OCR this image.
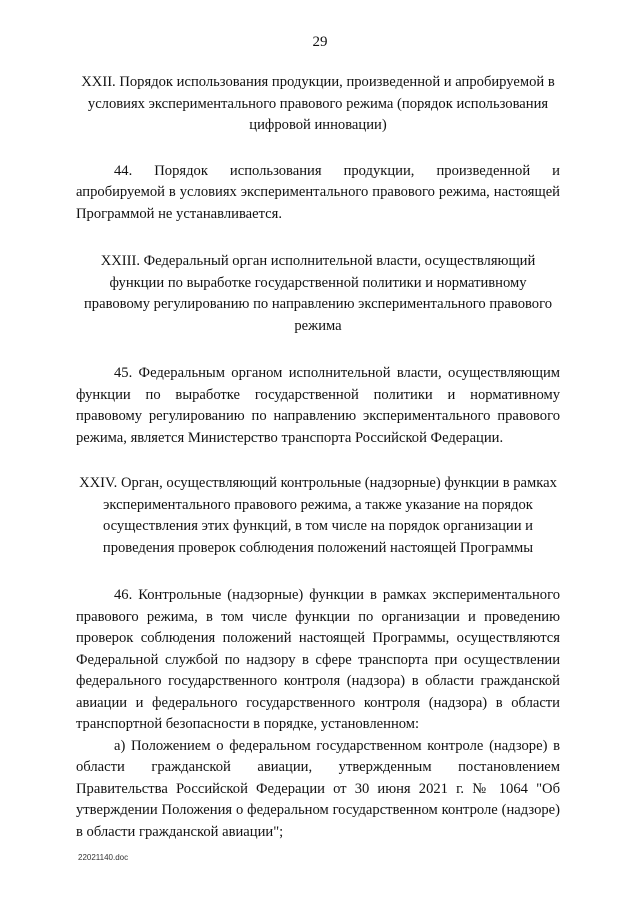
29

XXII. Порядок использования продукции, произведенной и апробируемой в условиях экспериментального правового режима (порядок использования цифровой инновации)

44. Порядок использования продукции, произведенной и апробируемой в условиях экспериментального правового режима, настоящей Программой не устанавливается.

XXIII. Федеральный орган исполнительной власти, осуществляющий функции по выработке государственной политики и нормативному правовому регулированию по направлению экспериментального правового режима

45. Федеральным органом исполнительной власти, осуществляющим функции по выработке государственной политики и нормативному правовому регулированию по направлению экспериментального правового режима, является Министерство транспорта Российской Федерации.

XXIV. Орган, осуществляющий контрольные (надзорные) функции в рамках экспериментального правового режима, а также указание на порядок осуществления этих функций, в том числе на порядок организации и проведения проверок соблюдения положений настоящей Программы

46. Контрольные (надзорные) функции в рамках экспериментального правового режима, в том числе функции по организации и проведению проверок соблюдения положений настоящей Программы, осуществляются Федеральной службой по надзору в сфере транспорта при осуществлении федерального государственного контроля (надзора) в области гражданской авиации и федерального государственного контроля (надзора) в области транспортной безопасности в порядке, установленном:

а) Положением о федеральном государственном контроле (надзоре) в области гражданской авиации, утвержденным постановлением Правительства Российской Федерации от 30 июня 2021 г. № 1064 "Об утверждении Положения о федеральном государственном контроле (надзоре) в области гражданской авиации";

22021140.doc
